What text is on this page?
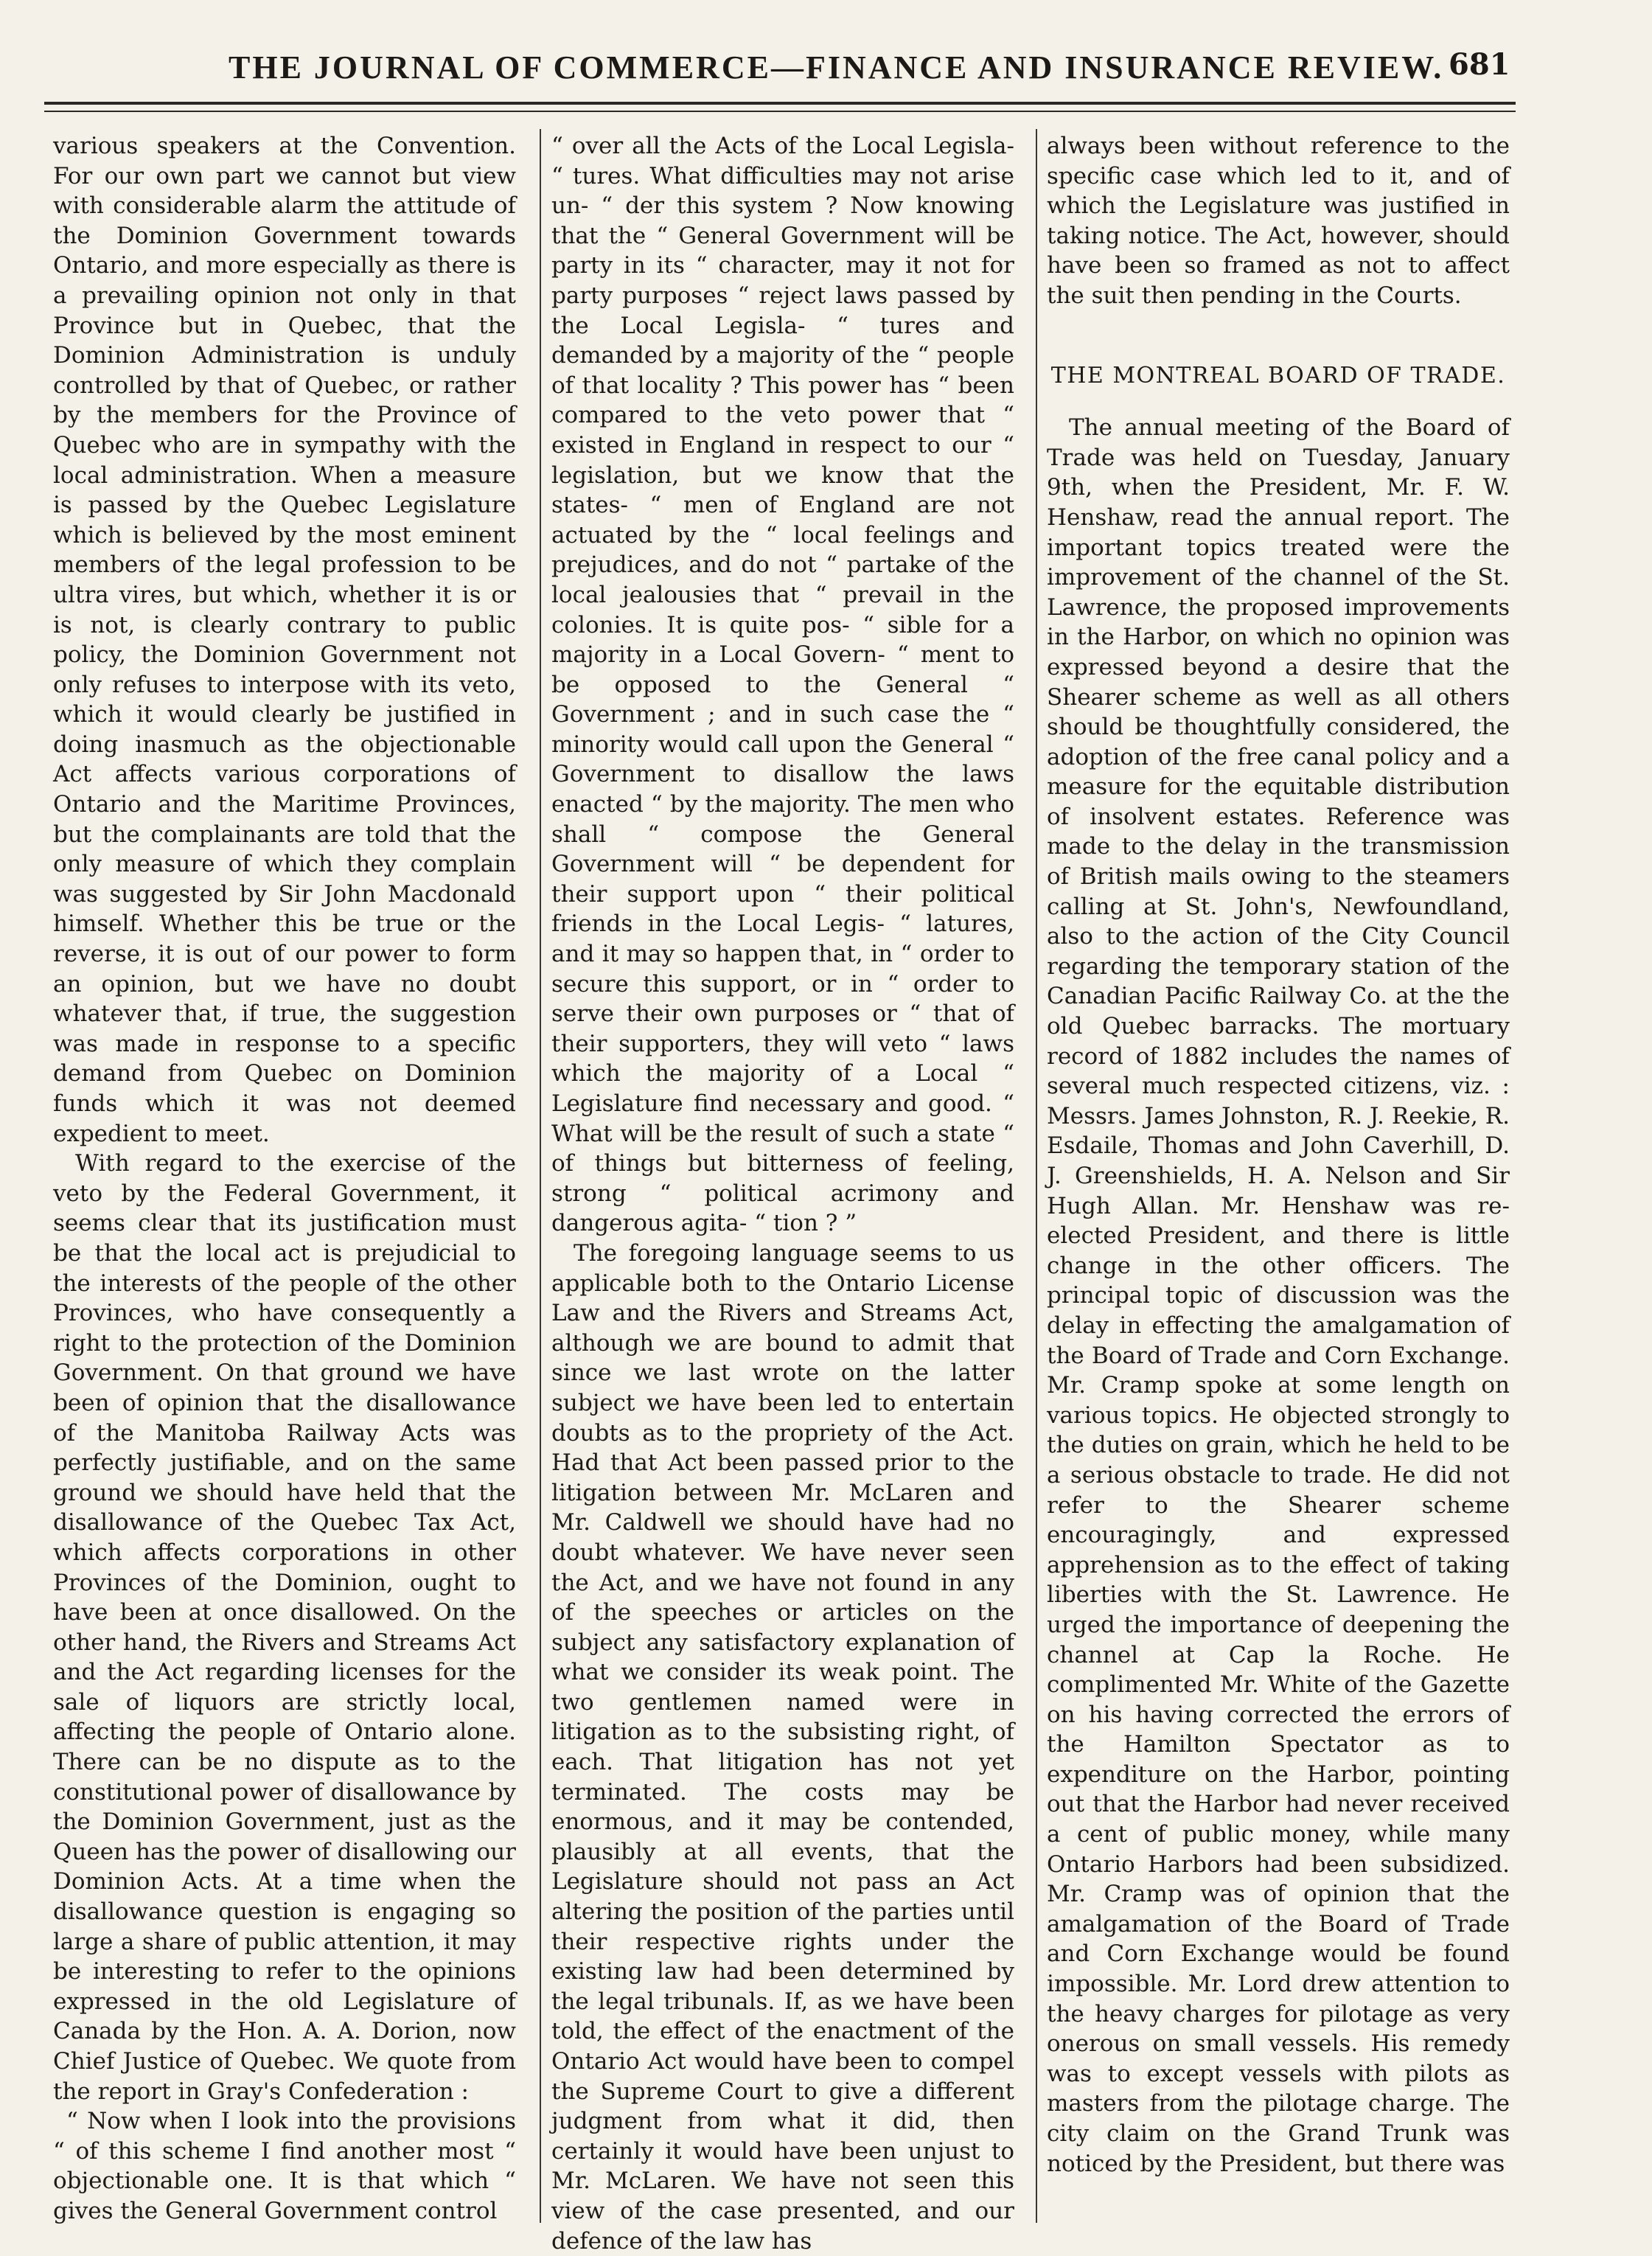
THE JOURNAL OF COMMERCE—FINANCE AND INSURANCE REVIEW. 681

various speakers at the Convention. For our own part we cannot but view with considerable alarm the attitude of the Dominion Government towards Ontario, and more especially as there is a prevailing opinion not only in that Province but in Quebec, that the Dominion Administration is unduly controlled by that of Quebec, or rather by the members for the Province of Quebec who are in sympathy with the local administration. When a measure is passed by the Quebec Legislature which is believed by the most eminent members of the legal profession to be ultra vires, but which, whether it is or is not, is clearly contrary to public policy, the Dominion Government not only refuses to interpose with its veto, which it would clearly be justified in doing inasmuch as the objectionable Act affects various corporations of Ontario and the Maritime Provinces, but the complainants are told that the only measure of which they complain was suggested by Sir John Macdonald himself. Whether this be true or the reverse, it is out of our power to form an opinion, but we have no doubt whatever that, if true, the suggestion was made in response to a specific demand from Quebec on Dominion funds which it was not deemed expedient to meet.

With regard to the exercise of the veto by the Federal Government, it seems clear that its justification must be that the local act is prejudicial to the interests of the people of the other Provinces, who have consequently a right to the protection of the Dominion Government. On that ground we have been of opinion that the disallowance of the Manitoba Railway Acts was perfectly justifiable, and on the same ground we should have held that the disallowance of the Quebec Tax Act, which affects corporations in other Provinces of the Dominion, ought to have been at once disallowed. On the other hand, the Rivers and Streams Act and the Act regarding licenses for the sale of liquors are strictly local, affecting the people of Ontario alone. There can be no dispute as to the constitutional power of disallowance by the Dominion Government, just as the Queen has the power of disallowing our Dominion Acts. At a time when the disallowance question is engaging so large a share of public attention, it may be interesting to refer to the opinions expressed in the old Legislature of Canada by the Hon. A. A. Dorion, now Chief Justice of Quebec. We quote from the report in Gray's Confederation :

“ Now when I look into the provisions “ of this scheme I find another most “ objectionable one. It is that which “ gives the General Government control

“ over all the Acts of the Local Legisla- “ tures. What difficulties may not arise un- “ der this system ? Now knowing that the “ General Government will be party in its “ character, may it not for party purposes “ reject laws passed by the Local Legisla- “ tures and demanded by a majority of the “ people of that locality ? This power has “ been compared to the veto power that “ existed in England in respect to our “ legislation, but we know that the states- “ men of England are not actuated by the “ local feelings and prejudices, and do not “ partake of the local jealousies that “ prevail in the colonies. It is quite pos- “ sible for a majority in a Local Govern- “ ment to be opposed to the General “ Government ; and in such case the “ minority would call upon the General “ Government to disallow the laws enacted “ by the majority. The men who shall “ compose the General Government will “ be dependent for their support upon “ their political friends in the Local Legis- “ latures, and it may so happen that, in “ order to secure this support, or in “ order to serve their own purposes or “ that of their supporters, they will veto “ laws which the majority of a Local “ Legislature find necessary and good. “ What will be the result of such a state “ of things but bitterness of feeling, strong “ political acrimony and dangerous agita- “ tion ? ”

The foregoing language seems to us applicable both to the Ontario License Law and the Rivers and Streams Act, although we are bound to admit that since we last wrote on the latter subject we have been led to entertain doubts as to the propriety of the Act. Had that Act been passed prior to the litigation between Mr. McLaren and Mr. Caldwell we should have had no doubt whatever. We have never seen the Act, and we have not found in any of the speeches or articles on the subject any satisfactory explanation of what we consider its weak point. The two gentlemen named were in litigation as to the subsisting right, of each. That litigation has not yet terminated. The costs may be enormous, and it may be contended, plausibly at all events, that the Legislature should not pass an Act altering the position of the parties until their respective rights under the existing law had been determined by the legal tribunals. If, as we have been told, the effect of the enactment of the Ontario Act would have been to compel the Supreme Court to give a different judgment from what it did, then certainly it would have been unjust to Mr. McLaren. We have not seen this view of the case presented, and our defence of the law has

always been without reference to the specific case which led to it, and of which the Legislature was justified in taking notice. The Act, however, should have been so framed as not to affect the suit then pending in the Courts.

THE MONTREAL BOARD OF TRADE.

The annual meeting of the Board of Trade was held on Tuesday, January 9th, when the President, Mr. F. W. Henshaw, read the annual report. The important topics treated were the improvement of the channel of the St. Lawrence, the proposed improvements in the Harbor, on which no opinion was expressed beyond a desire that the Shearer scheme as well as all others should be thoughtfully considered, the adoption of the free canal policy and a measure for the equitable distribution of insolvent estates. Reference was made to the delay in the transmission of British mails owing to the steamers calling at St. John's, Newfoundland, also to the action of the City Council regarding the temporary station of the Canadian Pacific Railway Co. at the the old Quebec barracks. The mortuary record of 1882 includes the names of several much respected citizens, viz. : Messrs. James Johnston, R. J. Reekie, R. Esdaile, Thomas and John Caverhill, D. J. Greenshields, H. A. Nelson and Sir Hugh Allan. Mr. Henshaw was re-elected President, and there is little change in the other officers. The principal topic of discussion was the delay in effecting the amalgamation of the Board of Trade and Corn Exchange. Mr. Cramp spoke at some length on various topics. He objected strongly to the duties on grain, which he held to be a serious obstacle to trade. He did not refer to the Shearer scheme encouragingly, and expressed apprehension as to the effect of taking liberties with the St. Lawrence. He urged the importance of deepening the channel at Cap la Roche. He complimented Mr. White of the Gazette on his having corrected the errors of the Hamilton Spectator as to expenditure on the Harbor, pointing out that the Harbor had never received a cent of public money, while many Ontario Harbors had been subsidized. Mr. Cramp was of opinion that the amalgamation of the Board of Trade and Corn Exchange would be found impossible. Mr. Lord drew attention to the heavy charges for pilotage as very onerous on small vessels. His remedy was to except vessels with pilots as masters from the pilotage charge. The city claim on the Grand Trunk was noticed by the President, but there was
